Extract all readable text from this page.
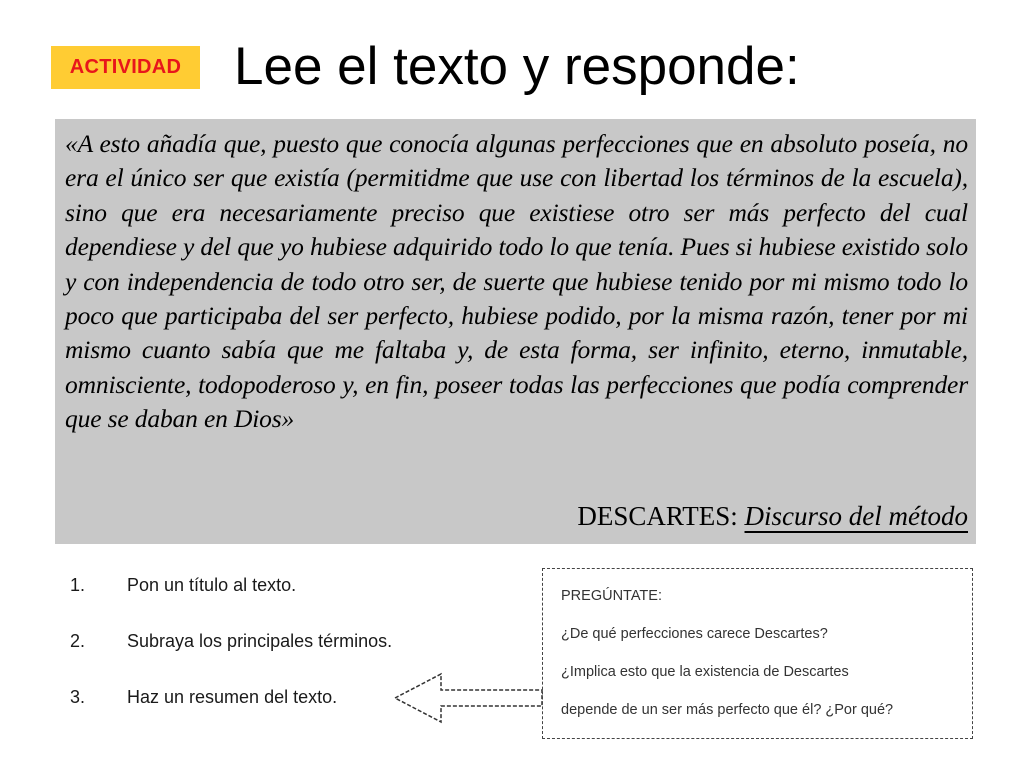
ACTIVIDAD Lee el texto y responde:

«A esto añadía que, puesto que conocía algunas perfecciones que en absoluto poseía, no era el único ser que existía (permitidme que use con libertad los términos de la escuela), sino que era necesariamente preciso que existiese otro ser más perfecto del cual dependiese y del que yo hubiese adquirido todo lo que tenía. Pues si hubiese existido solo y con independencia de todo otro ser, de suerte que hubiese tenido por mi mismo todo lo poco que participaba del ser perfecto, hubiese podido, por la misma razón, tener por mi mismo cuanto sabía que me faltaba y, de esta forma, ser infinito, eterno, inmutable, omnisciente, todopoderoso y, en fin, poseer todas las perfecciones que podía comprender que se daban en Dios»

DESCARTES: Discurso del método
1.	Pon un título al texto.
2.	Subraya los principales términos.
3.	Haz un resumen del texto.

PREGÚNTATE:

¿De qué perfecciones carece Descartes?

¿Implica esto que la existencia de Descartes

depende de un ser más perfecto que él? ¿Por qué?
